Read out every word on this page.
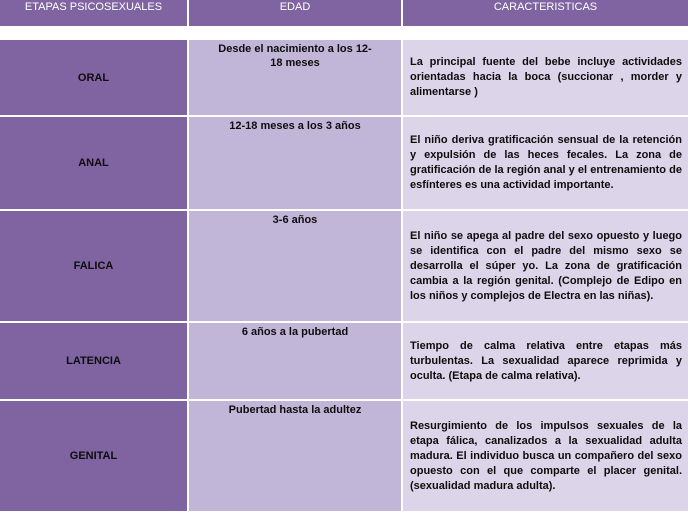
ETAPAS PSICOSEXUALES	EDAD	CARACTERISTICAS

ORAL	Desde el nacimiento a los 12-18 meses	La principal fuente del bebe incluye actividades orientadas hacia la boca (succionar , morder y alimentarse )
ANAL	12-18 meses a los 3 años	El niño deriva gratificación sensual de la retención y expulsión de las heces fecales. La zona de gratificación de la región anal y el entrenamiento de esfínteres es una actividad importante.
FALICA	3-6 años	El niño se apega al padre del sexo opuesto y luego se identifica con el padre del mismo sexo se desarrolla el súper yo. La zona de gratificación cambia a la región genital. (Complejo de Edipo en los niños y complejos de Electra en las niñas).
LATENCIA	6 años a la pubertad	Tiempo de calma relativa entre etapas más turbulentas. La sexualidad aparece reprimida y oculta. (Etapa de calma relativa).
GENITAL	Pubertad hasta la adultez	Resurgimiento de los impulsos sexuales de la etapa fálica, canalizados a la sexualidad adulta madura. El individuo busca un compañero del sexo opuesto con el que comparte el placer genital.(sexualidad madura adulta).
